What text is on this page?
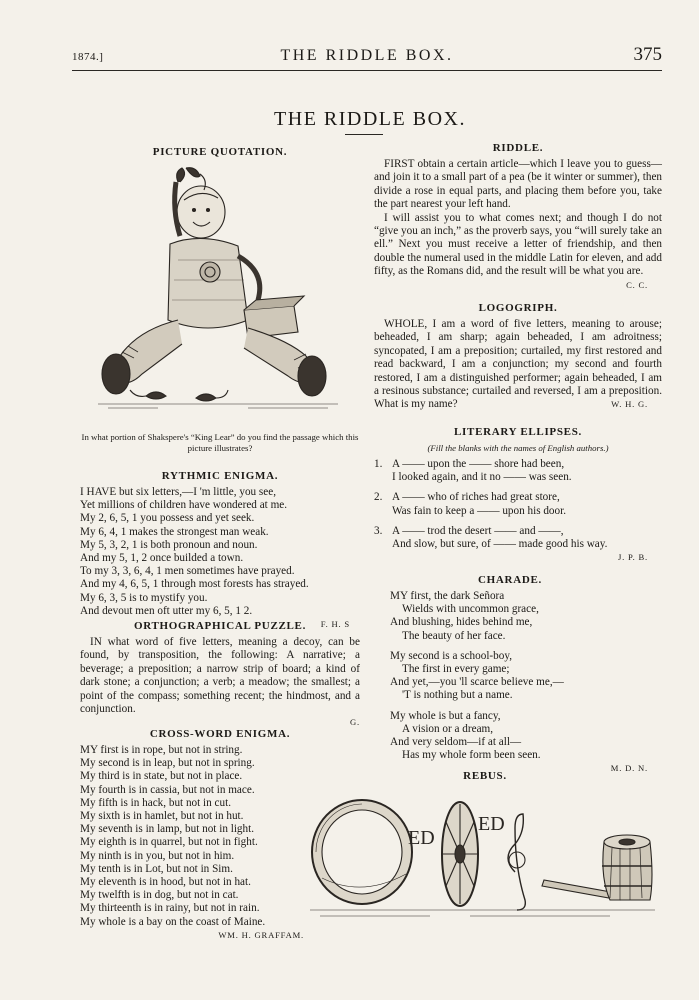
1874.]	THE RIDDLE BOX.	375
THE RIDDLE BOX.
PICTURE QUOTATION.
In what portion of Shakspere's “King Lear” do you find the passage which this picture illustrates?
RYTHMIC ENIGMA.
I HAVE but six letters,—I 'm little, you see,
Yet millions of children have wondered at me.
My 2, 6, 5, 1 you possess and yet seek.
My 6, 4, 1 makes the strongest man weak.
My 5, 3, 2, 1 is both pronoun and noun.
And my 5, 1, 2 once builded a town.
To my 3, 3, 6, 4, 1 men sometimes have prayed.
And my 4, 6, 5, 1 through most forests has strayed.
My 6, 3, 5 is to mystify you.
And devout men oft utter my 6, 5, 1 2.
F. H. S
ORTHOGRAPHICAL PUZZLE.
IN what word of five letters, meaning a decoy, can be found, by transposition, the following: A narrative; a beverage; a preposition; a narrow strip of board; a kind of dark stone; a conjunction; a verb; a meadow; the smallest; a point of the compass; something recent; the hindmost, and a conjunction.
G.
CROSS-WORD ENIGMA.
MY first is in rope, but not in string.
My second is in leap, but not in spring.
My third is in state, but not in place.
My fourth is in cassia, but not in mace.
My fifth is in hack, but not in cut.
My sixth is in hamlet, but not in hut.
My seventh is in lamp, but not in light.
My eighth is in quarrel, but not in fight.
My ninth is in you, but not in him.
My tenth is in Lot, but not in Sim.
My eleventh is in hood, but not in hat.
My twelfth is in dog, but not in cat.
My thirteenth is in rainy, but not in rain.
My whole is a bay on the coast of Maine.
WM. H. GRAFFAM.
RIDDLE.
FIRST obtain a certain article—which I leave you to guess—and join it to a small part of a pea (be it winter or summer), then divide a rose in equal parts, and placing them before you, take the part nearest your left hand.
I will assist you to what comes next; and though I do not “give you an inch,” as the proverb says, you “will surely take an ell.” Next you must receive a letter of friendship, and then double the numeral used in the middle Latin for eleven, and add fifty, as the Romans did, and the result will be what you are.
C. C.
LOGOGRIPH.
WHOLE, I am a word of five letters, meaning to arouse; beheaded, I am sharp; again beheaded, I am adroitness; syncopated, I am a preposition; curtailed, my first restored and read backward, I am a conjunction; my second and fourth restored, I am a distinguished performer; again beheaded, I am a resinous substance; curtailed and reversed, I am a preposition. What is my name?	W. H. G.
LITERARY ELLIPSES.
(Fill the blanks with the names of English authors.)
1. A —— upon the —— shore had been,
I looked again, and it no —— was seen.
2. A —— who of riches had great store,
Was fain to keep a —— upon his door.
3. A —— trod the desert —— and ——,
And slow, but sure, of —— made good his way.
J. P. B.
CHARADE.
MY first, the dark Señora
Wields with uncommon grace,
And blushing, hides behind me,
The beauty of her face.
My second is a school-boy,
The first in every game;
And yet,—you 'll scarce believe me,—
'T is nothing but a name.
My whole is but a fancy,
A vision or a dream,
And very seldom—if at all—
Has my whole form been seen.
M. D. N.
REBUS.
ED
ED
